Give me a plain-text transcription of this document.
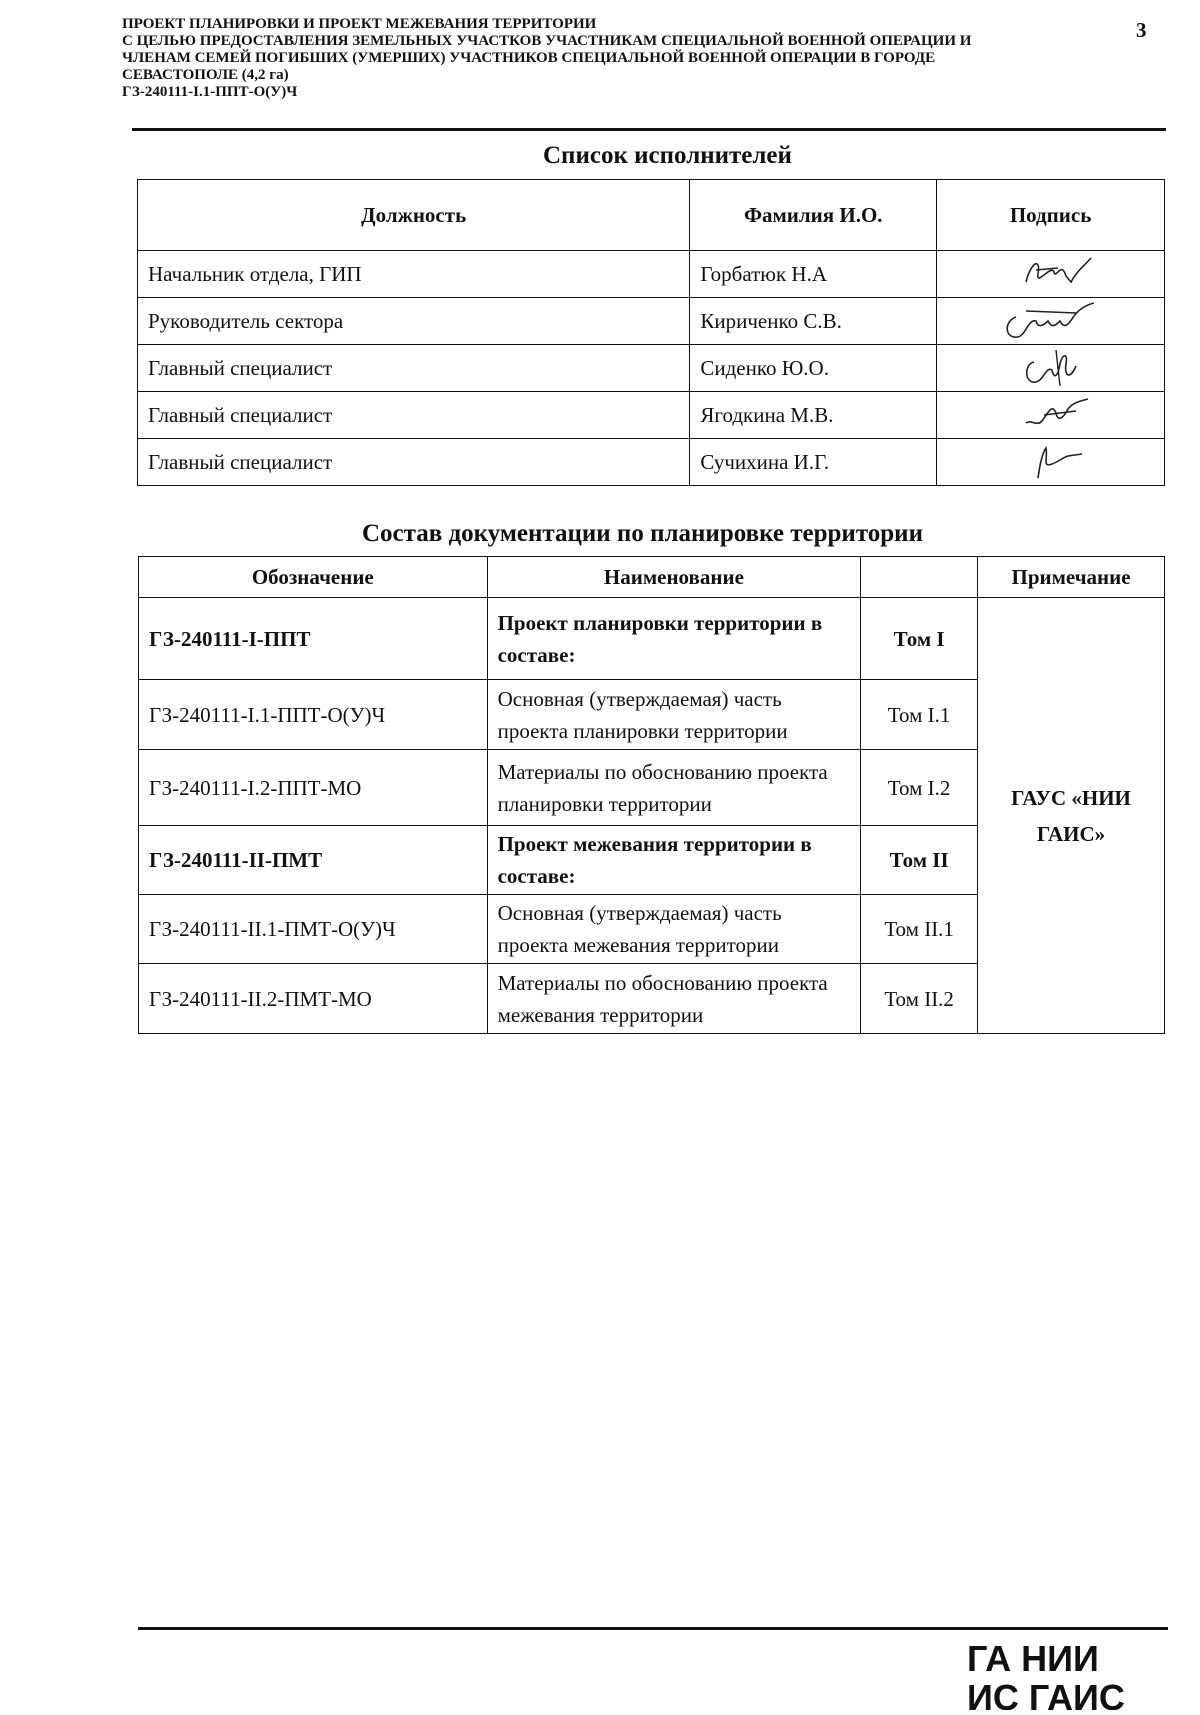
ПРОЕКТ ПЛАНИРОВКИ И ПРОЕКТ МЕЖЕВАНИЯ ТЕРРИТОРИИ
С ЦЕЛЬЮ ПРЕДОСТАВЛЕНИЯ ЗЕМЕЛЬНЫХ УЧАСТКОВ УЧАСТНИКАМ СПЕЦИАЛЬНОЙ ВОЕННОЙ ОПЕРАЦИИ И
ЧЛЕНАМ СЕМЕЙ ПОГИБШИХ (УМЕРШИХ) УЧАСТНИКОВ СПЕЦИАЛЬНОЙ ВОЕННОЙ ОПЕРАЦИИ В ГОРОДЕ
СЕВАСТОПОЛЕ (4,2 га)
ГЗ-240111-I.1-ППТ-О(У)Ч
3
Список исполнителей
Должность	Фамилия И.О.	Подпись
Начальник отдела, ГИП	Горбатюк Н.А	

Руководитель сектора	Кириченко С.В.	

Главный специалист	Сиденко Ю.О.	

Главный специалист	Ягодкина М.В.	

Главный специалист	Сучихина И.Г.	
Состав документации по планировке территории
Обозначение	Наименование		Примечание
ГЗ-240111-I-ППТ	Проект планировки территории в составе:	Том I	ГАУС «НИИ ГАИС»
ГЗ-240111-I.1-ППТ-О(У)Ч	Основная (утверждаемая) часть проекта планировки территории	Том I.1	
ГЗ-240111-I.2-ППТ-МО	Материалы по обоснованию проекта планировки территории	Том I.2	
ГЗ-240111-II-ПМТ	Проект межевания территории в составе:	Том II	
ГЗ-240111-II.1-ПМТ-О(У)Ч	Основная (утверждаемая) часть проекта межевания территории	Том II.1	
ГЗ-240111-II.2-ПМТ-МО	Материалы по обоснованию проекта межевания территории	Том II.2	
ГА НИИ
ИС ГАИС
